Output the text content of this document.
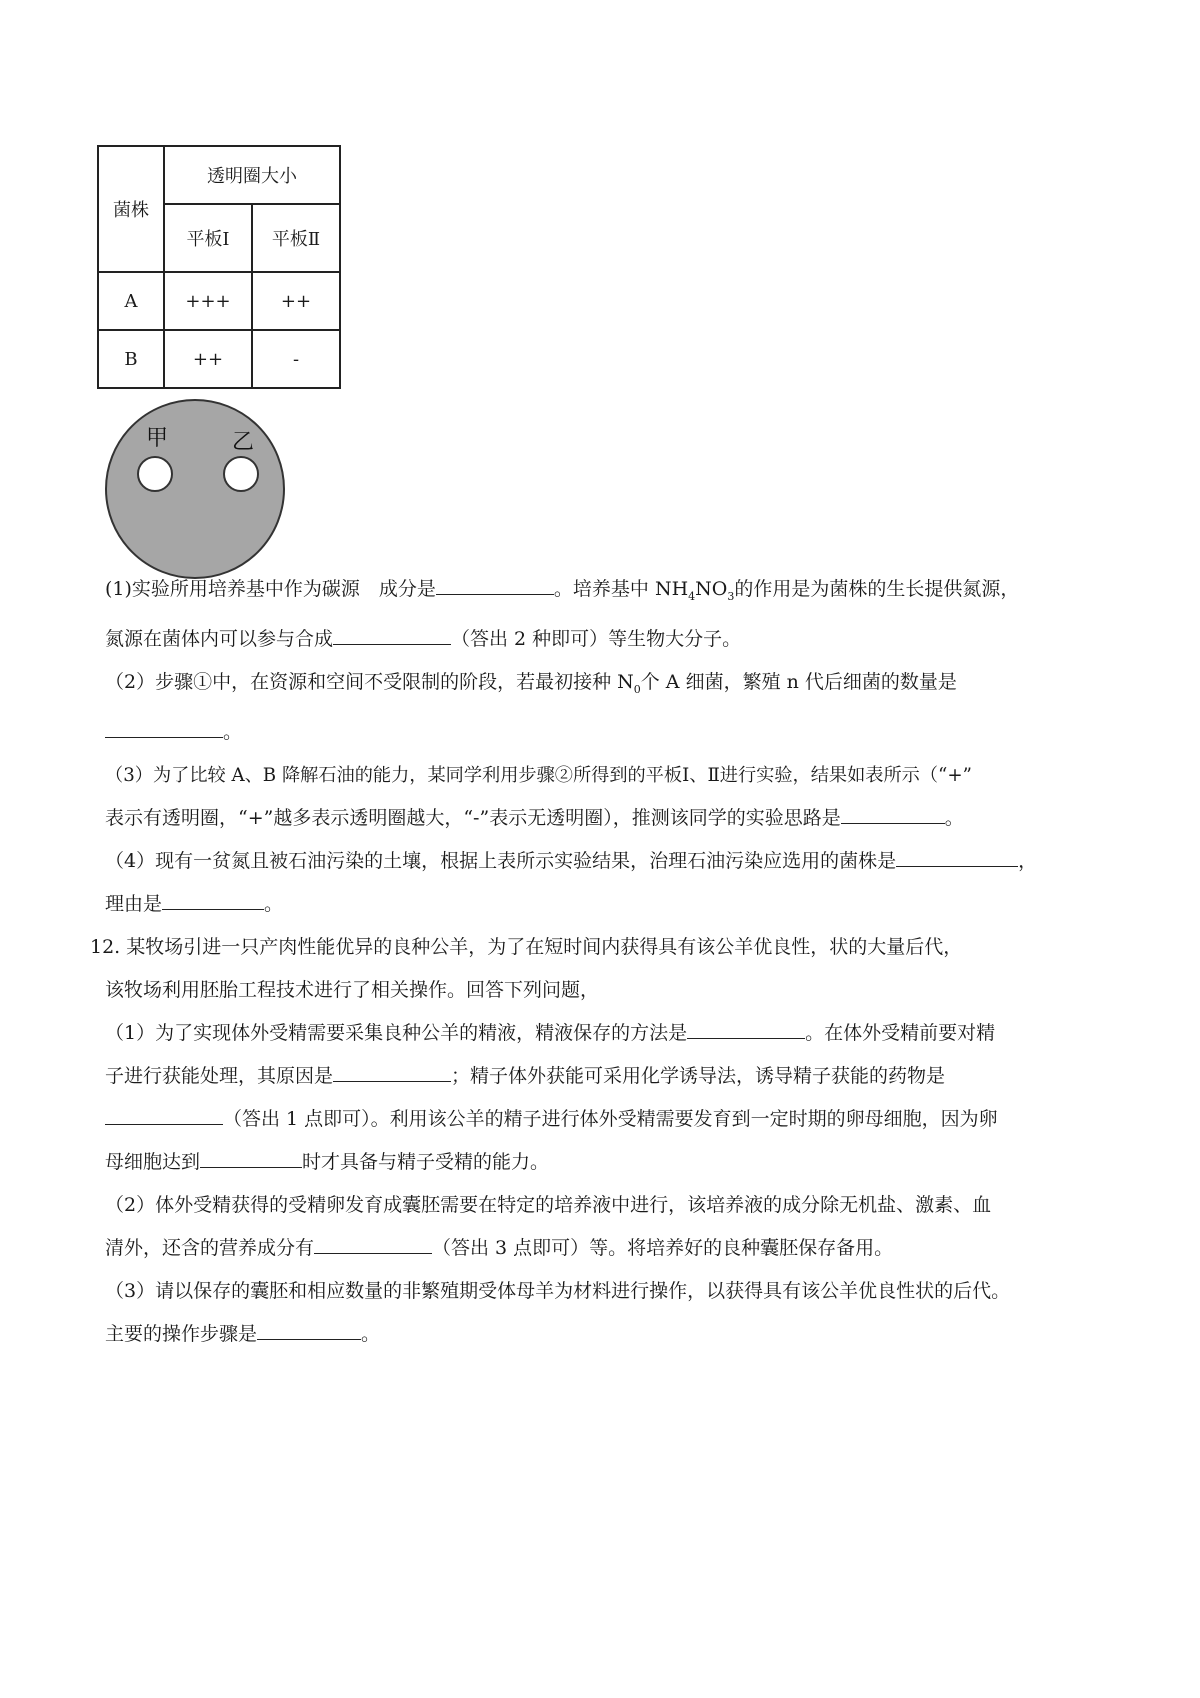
菌株	透明圈大小	
	平板Ⅰ	平板Ⅱ
A	+++	++
B	++	-
甲	乙

(1)实验所用培养基中作为碳源　成分是	。培养基中 $NH_4NO_3$的作用是为菌株的生长提供氮源，

氮源在菌体内可以参与合成	（答出 2 种即可）等生物大分子。

（2）步骤①中，在资源和空间不受限制的阶段，若最初接种 $N_0$个 A 细菌，繁殖 n 代后细菌的数量是

。

（3）为了比较 A、B 降解石油的能力，某同学利用步骤②所得到的平板Ⅰ、Ⅱ进行实验，结果如表所示（“+”

表示有透明圈，“+”越多表示透明圈越大，“-”表示无透明圈），推测该同学的实验思路是	。

（4）现有一贫氮且被石油污染的土壤，根据上表所示实验结果，治理石油污染应选用的菌株是	，

理由是	。

12. 某牧场引进一只产肉性能优异的良种公羊，为了在短时间内获得具有该公羊优良性，状的大量后代，

该牧场利用胚胎工程技术进行了相关操作。回答下列问题，

（1）为了实现体外受精需要采集良种公羊的精液，精液保存的方法是	。在体外受精前要对精

子进行获能处理，其原因是	；精子体外获能可采用化学诱导法，诱导精子获能的药物是

（答出 1 点即可）。利用该公羊的精子进行体外受精需要发育到一定时期的卵母细胞，因为卵

母细胞达到	时才具备与精子受精的能力。

（2）体外受精获得的受精卵发育成囊胚需要在特定的培养液中进行，该培养液的成分除无机盐、激素、血

清外，还含的营养成分有	（答出 3 点即可）等。将培养好的良种囊胚保存备用。

（3）请以保存的囊胚和相应数量的非繁殖期受体母羊为材料进行操作，以获得具有该公羊优良性状的后代。

主要的操作步骤是	。
